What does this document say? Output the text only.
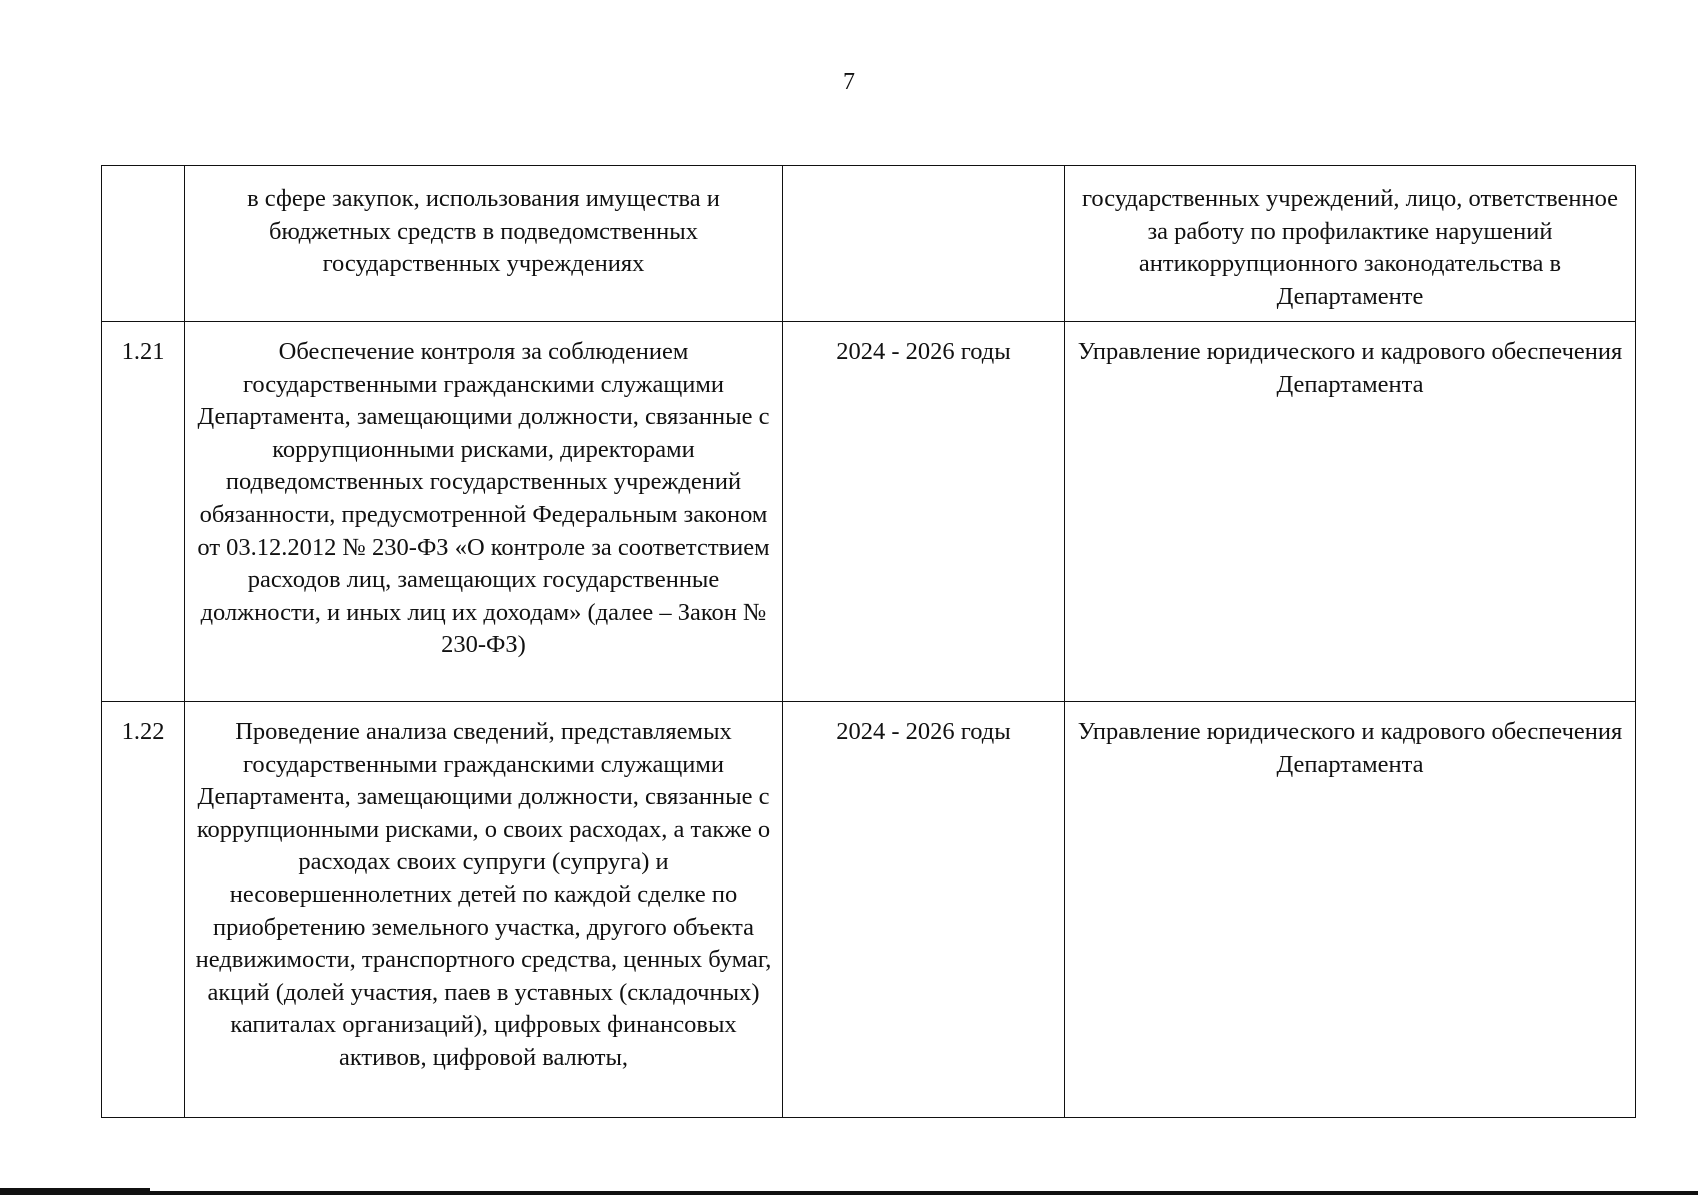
7
	в сфере закупок, использования имущества и бюджетных средств в подведомственных государственных учреждениях		государственных учреждений, лицо, ответственное за работу по профилактике нарушений антикоррупционного законодательства в Департаменте
1.21	Обеспечение контроля за соблюдением государственными гражданскими служащими Департамента, замещающими должности, связанные с коррупционными рисками, директорами подведомственных государственных учреждений обязанности, предусмотренной Федеральным законом от 03.12.2012 № 230-ФЗ «О контроле за соответствием расходов лиц, замещающих государственные должности, и иных лиц их доходам» (далее – Закон № 230-ФЗ)	2024 - 2026 годы	Управление юридического и кадрового обеспечения Департамента
1.22	Проведение анализа сведений, представляемых государственными гражданскими служащими Департамента, замещающими должности, связанные с коррупционными рисками, о своих расходах, а также о расходах своих супруги (супруга) и несовершеннолетних детей по каждой сделке по приобретению земельного участка, другого объекта недвижимости, транспортного средства, ценных бумаг, акций (долей участия, паев в уставных (складочных) капиталах организаций), цифровых финансовых активов, цифровой валюты,	2024 - 2026 годы	Управление юридического и кадрового обеспечения Департамента
